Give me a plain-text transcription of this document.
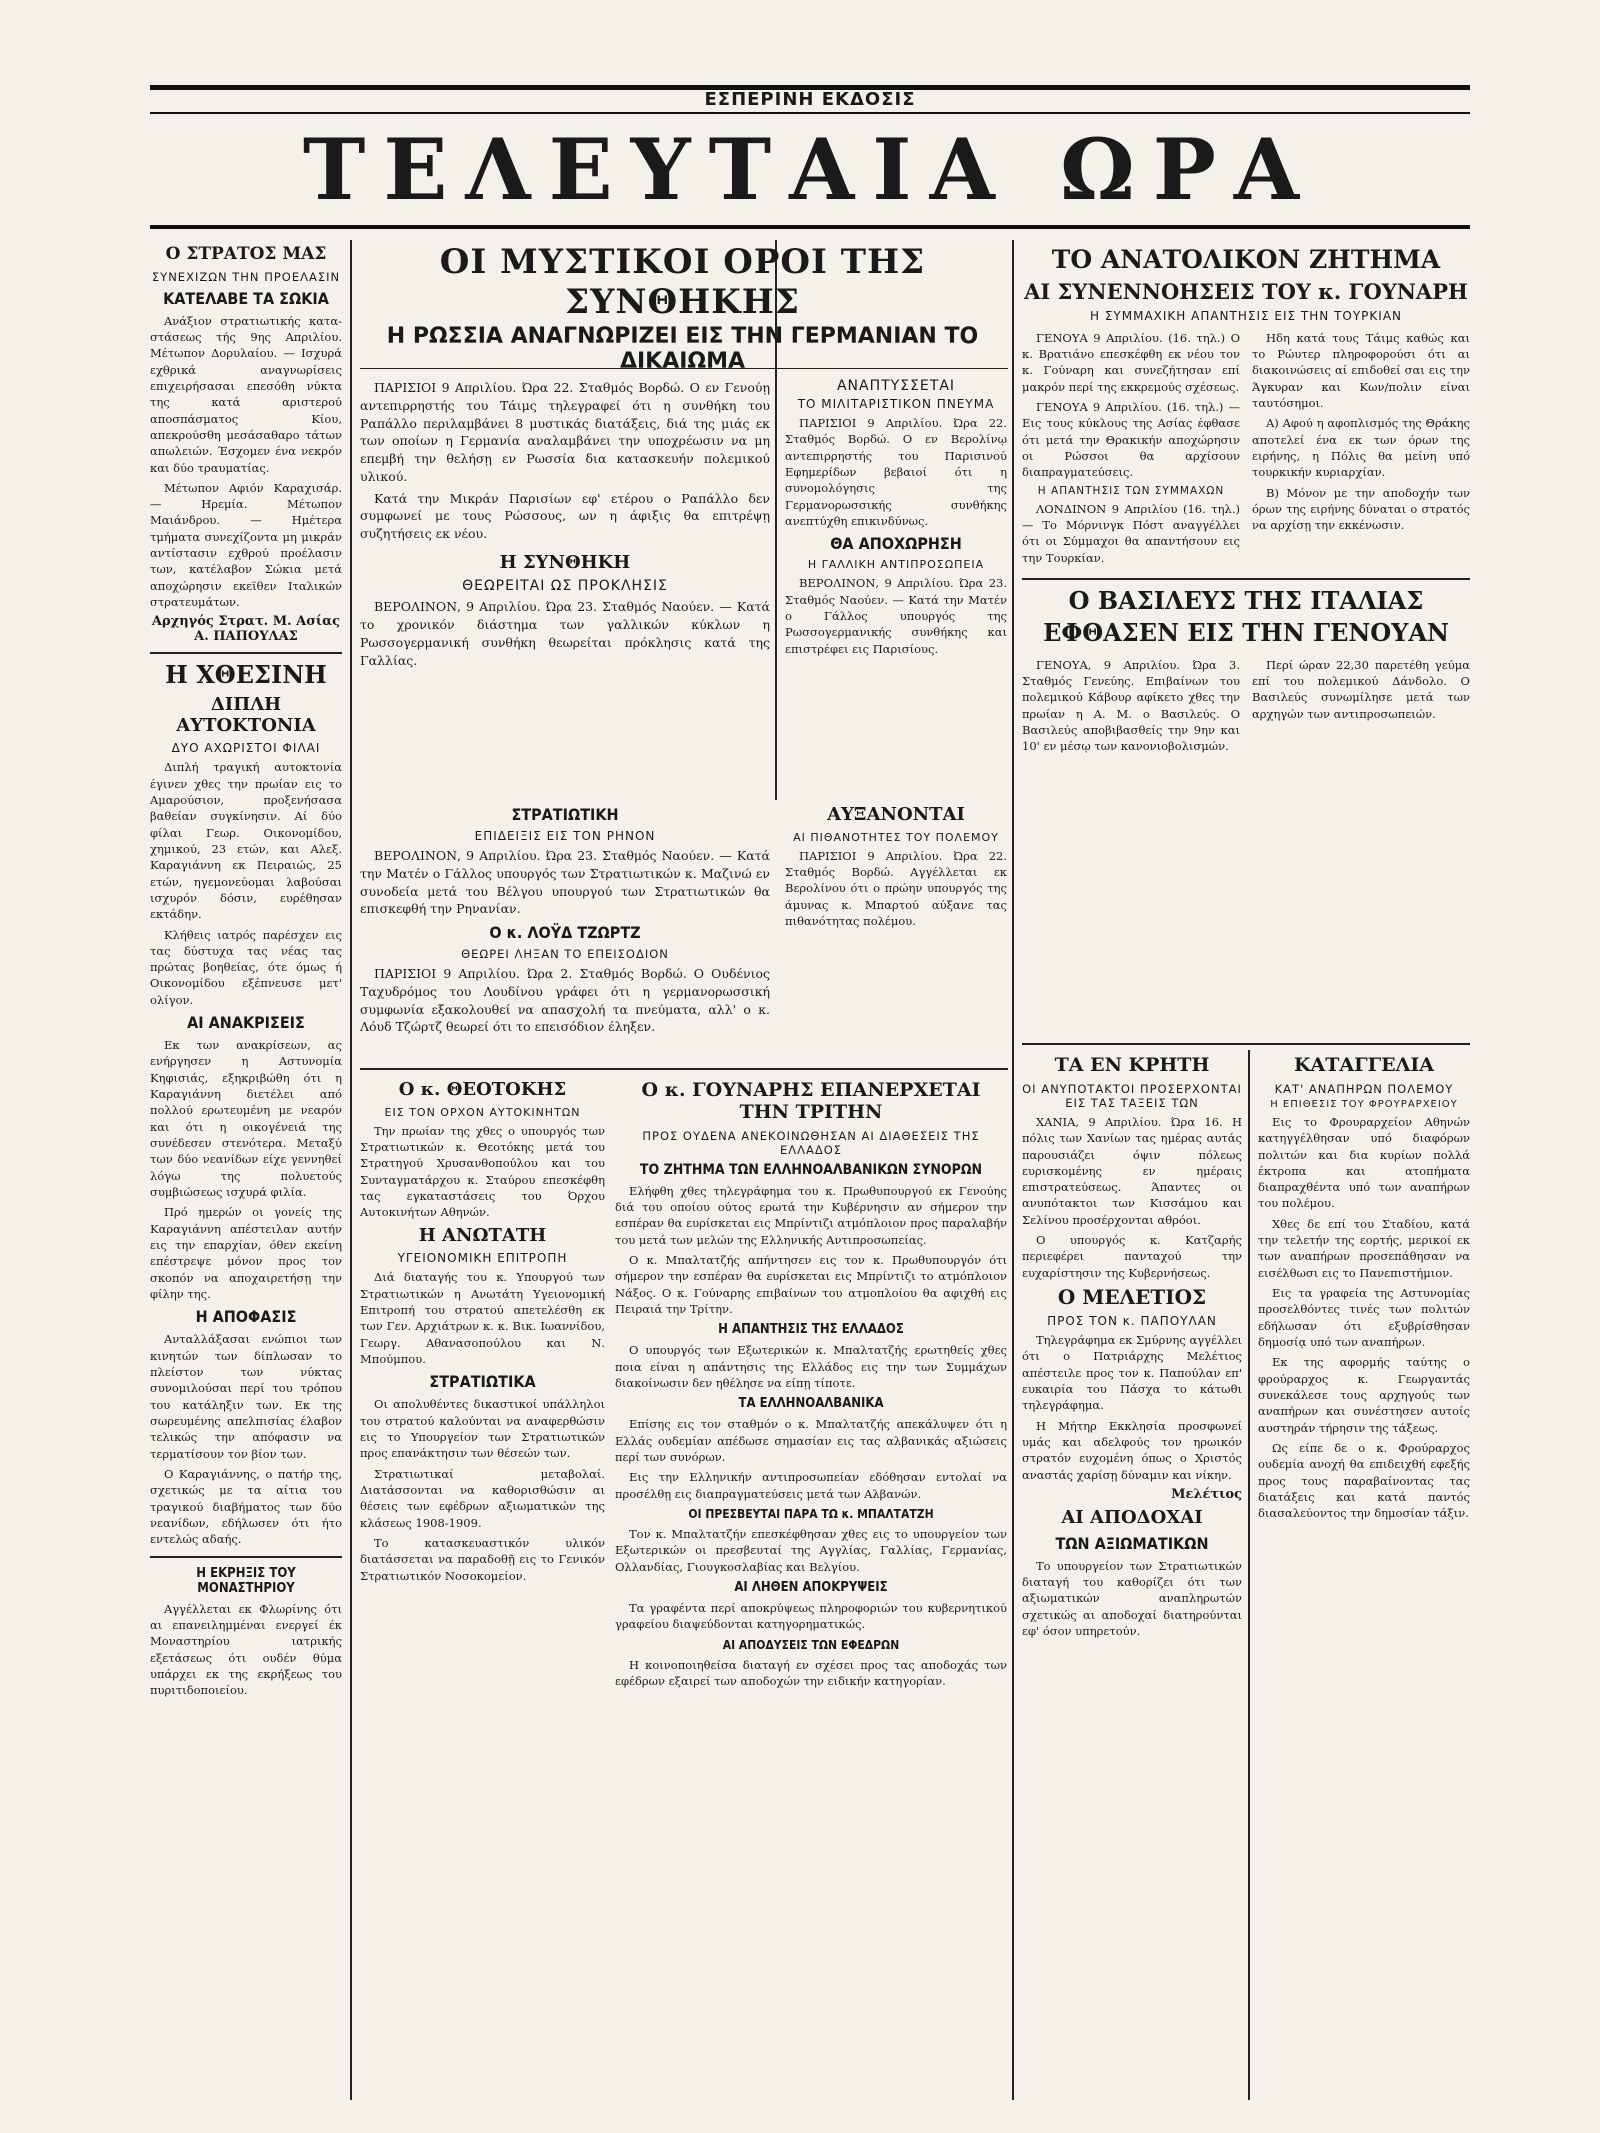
ΕΣΠΕΡΙΝΗ ΕΚΔΟΣΙΣ
ΤΕΛΕΥΤΑΙΑ ΩΡΑ
Ο ΣΤΡΑΤΟΣ ΜΑΣ
ΣΥΝΕΧΙΖΩΝ ΤΗΝ ΠΡΟΕΛΑΣΙΝ
ΚΑΤΕΛΑΒΕ ΤΑ ΣΩΚΙΑ
Ανάξιον στρατιωτικής καταστάσεως τής 9ης Απριλίου. Μέτωπον Δορυλαίου. — Ισχυρά εχθρικά αναγνωρίσεις επιχειρήσασαι επεσόθη νύκτα της κατά αριστερού αποσπάσματος Κίου, απεκρούσθη μεσάσαθαρο τάτων απωλειών. Έσχομεν ένα νεκρόν και δύο τραυματίας.
Μέτωπον Αφιόν Καραχισάρ. — Ηρεμία. Μέτωπον Μαιάνδρου. — Ημέτερα τμήματα συνεχίζοντα μη μικράν αντίστασιν εχθρού προέλασιν των, κατέλαβον Σώκια μετά αποχώρησιν εκεϊθεν Ιταλικών στρατευμάτων.
Αρχηγός Στρατ. Μ. Ασίας Α. ΠΑΠΟΥΛΑΣ
Η ΧΘΕΣΙΝΗ
ΔΙΠΛΗ ΑΥΤΟΚΤΟΝΙΑ
ΔΥΟ ΑΧΩΡΙΣΤΟΙ ΦΙΛΑΙ
Διπλή τραγική αυτοκτονία έγινεν χθες την πρωίαν εις το Αμαρούσιον, προξενήσασα βαθείαν συγκίνησιν. Αί δύο φίλαι Γεωρ. Οικονομίδου, χημικού, 23 ετών, και Αλεξ. Καραγιάννη εκ Πειραιώς, 25 ετών, ηγεμονεύομαι λαβούσαι ισχυρόν δόσιν, ευρέθησαν εκτάδην.
Κλήθεις ιατρός παρέσχεν εις τας δύστυχα τας νέας τας πρώτας βοηθείας, ότε όμως ή Οικονομίδου εξέπνευσε μετ' ολίγον.
ΑΙ ΑΝΑΚΡΙΣΕΙΣ
Εκ των ανακρίσεων, ας ενήργησεν η Αστυνομία Κηφισιάς, εξηκριβώθη ότι η Καραγιάννη διετέλει από πολλού ερωτευμένη με νεαρόν και ότι η οικογένειά της συνέδεσεν στενότερα. Μεταξύ των δύο νεανίδων είχε γεννηθεί λόγω της πολυετούς συμβιώσεως ισχυρά φιλία.
Πρό ημερών οι γονείς της Καραγιάννη απέστειλαν αυτήν εις την επαρχίαν, όθεν εκείνη επέστρεψε μόνον προς τον σκοπόν να αποχαιρετήσῃ την φίλην της.
Η ΑΠΟΦΑΣΙΣ
Ανταλλάξασαι ενώπιοι των κινητών των δίπλωσαν το πλείστον των νύκτας συνομιλούσαι περί του τρόπου του κατάληξιν των. Εκ της σωρευμένης απελπισίας έλαβον τελικώς την απόφασιν να τερματίσουν τον βίον των.
Ο Καραγιάννης, ο πατήρ της, σχετικώς με τα αίτια του τραγικού διαβήματος των δύο νεανίδων, εδήλωσεν ότι ήτο εντελώς αδαής.
Η ΕΚΡΗΞΙΣ ΤΟΥ ΜΟΝΑΣΤΗΡΙΟΥ
Αγγέλλεται εκ Φλωρίνης ότι αι επανειλημμέναι ενεργεί έκ Μοναστηρίου ιατρικής εξετάσεως ότι ουδέν θύμα υπάρχει εκ της εκρήξεως του πυριτιδοποιείου.
ΟΙ ΜΥΣΤΙΚΟΙ ΟΡΟΙ ΤΗΣ ΣΥΝΘΗΚΗΣ
Η ΡΩΣΣΙΑ ΑΝΑΓΝΩΡΙΖΕΙ ΕΙΣ ΤΗΝ ΓΕΡΜΑΝΙΑΝ ΤΟ ΔΙΚΑΙΩΜΑ
ΠΑΡΙΣΙΟΙ 9 Απριλίου. Ώρα 22. Σταθμός Βορδώ. Ο εν Γενούῃ αντεπιρρηστής του Τάιμς τηλεγραφεί ότι η συνθήκη του Ραπάλλο περιλαμβάνει 8 μυστικάς διατάξεις, διά της μιάς εκ των οποίων η Γερμανία αναλαμβάνει την υποχρέωσιν να μη επεμβή την θελήσῃ εν Ρωσσία δια κατασκευήν πολεμικού υλικού.
Κατά την Μικράν Παρισίων εφ' ετέρου ο Ραπάλλο δεν συμφωνεί με τους Ρώσσους, ων η άφιξις θα επιτρέψῃ συζητήσεις εκ νέου.
Η ΣΥΝΘΗΚΗ
ΘΕΩΡΕΙΤΑΙ ΩΣ ΠΡΟΚΛΗΣΙΣ
ΒΕΡΟΛΙΝΟΝ, 9 Απριλίου. Ώρα 23. Σταθμός Ναούεν. — Κατά το χρονικόν διάστημα των γαλλικών κύκλων η Ρωσσογερμανική συνθήκη θεωρείται πρόκλησις κατά της Γαλλίας.
ΑΝΑΠΤΥΣΣΕΤΑΙ
ΤΟ ΜΙΛΙΤΑΡΙΣΤΙΚΟΝ ΠΝΕΥΜΑ
ΠΑΡΙΣΙΟΙ 9 Απριλίου. Ώρα 22. Σταθμός Βορδώ. Ο εν Βερολίνῳ αντεπιρρηστής του Παρισινού Εφημερίδων βεβαιοί ότι η συνομολόγησις της Γερμανορωσσικής συνθήκης ανεπτύχθη επικινδύνως.
ΘΑ ΑΠΟΧΩΡΗΣΗ
Η ΓΑΛΛΙΚΗ ΑΝΤΙΠΡΟΣΩΠΕΙΑ
ΒΕΡΟΛΙΝΟΝ, 9 Απριλίου. Ώρα 23. Σταθμός Ναούεν. — Κατά την Ματέν ο Γάλλος υπουργός της Ρωσσογερμανικής συνθήκης και επιστρέφει εις Παρισίους.
ΣΤΡΑΤΙΩΤΙΚΗ
ΕΠΙΔΕΙΞΙΣ ΕΙΣ ΤΟΝ ΡΗΝΟΝ
ΒΕΡΟΛΙΝΟΝ, 9 Απριλίου. Ώρα 23. Σταθμός Ναούεν. — Κατά την Ματέν ο Γάλλος υπουργός των Στρατιωτικών κ. Μαζινώ εν συνοδεία μετά του Βέλγου υπουργού των Στρατιωτικών θα επισκεφθή την Ρηνανίαν.
Ο κ. ΛΟΫΔ ΤΖΩΡΤΖ
ΘΕΩΡΕΙ ΛΗΞΑΝ ΤΟ ΕΠΕΙΣΟΔΙΟΝ
ΠΑΡΙΣΙΟΙ 9 Απριλίου. Ώρα 2. Σταθμός Βορδώ. Ο Ουδένιος Ταχυδρόμος του Λουδίνου γράφει ότι η γερμανορωσσική συμφωνία εξακολουθεί να απασχολή τα πνεύματα, αλλ' ο κ. Λόυδ Τζώρτζ θεωρεί ότι το επεισόδιον έληξεν.
ΑΥΞΑΝΟΝΤΑΙ
ΑΙ ΠΙΘΑΝΟΤΗΤΕΣ ΤΟΥ ΠΟΛΕΜΟΥ
ΠΑΡΙΣΙΟΙ 9 Απριλίου. Ώρα 22. Σταθμός Βορδώ. Αγγέλλεται εκ Βερολίνου ότι ο πρώην υπουργός της άμυνας κ. Μπαρτού αύξανε τας πιθανότητας πολέμου.
Ο κ. ΘΕΟΤΟΚΗΣ
ΕΙΣ ΤΟΝ ΟΡΧΟΝ ΑΥΤΟΚΙΝΗΤΩΝ
Την πρωίαν της χθες ο υπουργός των Στρατιωτικών κ. Θεοτόκης μετά του Στρατηγού Χρυσανθοπούλου και του Συνταγματάρχου κ. Σταύρου επεσκέφθη τας εγκαταστάσεις του Όρχου Αυτοκινήτων Αθηνών.
Η ΑΝΩΤΑΤΗ
ΥΓΕΙΟΝΟΜΙΚΗ ΕΠΙΤΡΟΠΗ
Διά διαταγής του κ. Υπουργού των Στρατιωτικών η Ανωτάτη Υγειονομική Επιτροπή του στρατού απετελέσθη εκ των Γεν. Αρχιάτρων κ. κ. Βικ. Ιωαννίδου, Γεωργ. Αθανασοπούλου και Ν. Μπούμπου.
ΣΤΡΑΤΙΩΤΙΚΑ
Οι απολυθέντες δικαστικοί υπάλληλοι του στρατού καλούνται να αναφερθώσιν εις το Υπουργείον των Στρατιωτικών προς επανάκτησιν των θέσεών των.
Στρατιωτικαί μεταβολαί. Διατάσσονται να καθορισθώσιν αι θέσεις των εφέδρων αξιωματικών της κλάσεως 1908-1909.
Το κατασκευαστικόν υλικόν διατάσσεται να παραδοθῇ εις το Γενικόν Στρατιωτικόν Νοσοκομείον.
Ο κ. ΓΟΥΝΑΡΗΣ ΕΠΑΝΕΡΧΕΤΑΙ ΤΗΝ ΤΡΙΤΗΝ
ΠΡΟΣ ΟΥΔΕΝΑ ΑΝΕΚΟΙΝΩΘΗΣΑΝ ΑΙ ΔΙΑΘΕΣΕΙΣ ΤΗΣ ΕΛΛΑΔΟΣ
ΤΟ ΖΗΤΗΜΑ ΤΩΝ ΕΛΛΗΝΟΑΛΒΑΝΙΚΩΝ ΣΥΝΟΡΩΝ
Ελήφθη χθες τηλεγράφημα του κ. Πρωθυπουργού εκ Γενούης διά του οποίου ούτος ερωτά την Κυβέρνησιν αν σήμερον την εσπέραν θα ευρίσκεται εις Μπρίντιζι ατμόπλοιον προς παραλαβήν του μετά των μελών της Ελληνικής Αντιπροσωπείας.
Ο κ. Μπαλτατζής απήντησεν εις τον κ. Πρωθυπουργόν ότι σήμερον την εσπέραν θα ευρίσκεται εις Μπρίντιζι το ατμόπλοιον Νάξος. Ο κ. Γούναρης επιβαίνων του ατμοπλοίου θα αφιχθή εις Πειραιά την Τρίτην.
Η ΑΠΑΝΤΗΣΙΣ ΤΗΣ ΕΛΛΑΔΟΣ
Ο υπουργός των Εξωτερικών κ. Μπαλτατζής ερωτηθείς χθες ποια είναι η απάντησις της Ελλάδος εις την των Συμμάχων διακοίνωσιν δεν ηθέλησε να είπῃ τίποτε.
ΤΑ ΕΛΛΗΝΟΑΛΒΑΝΙΚΑ
Επίσης εις τον σταθμόν ο κ. Μπαλτατζής απεκάλυψεν ότι η Ελλάς ουδεμίαν απέδωσε σημασίαν εις τας αλβανικάς αξιώσεις περί των συνόρων.
Εις την Ελληνικήν αντιπροσωπείαν εδόθησαν εντολαί να προσέλθῃ εις διαπραγματεύσεις μετά των Αλβανών.
ΟΙ ΠΡΕΣΒΕΥΤΑΙ ΠΑΡΑ ΤΩ κ. ΜΠΑΛΤΑΤΖΗ
Τον κ. Μπαλτατζήν επεσκέφθησαν χθες εις το υπουργείον των Εξωτερικών οι πρεσβευταί της Αγγλίας, Γαλλίας, Γερμανίας, Ολλανδίας, Γιουγκοσλαβίας και Βελγίου.
ΑΙ ΛΗΘΕΝ ΑΠΟΚΡΥΨΕΙΣ
Τα γραφέντα περί αποκρύψεως πληροφοριών του κυβερνητικού γραφείου διαψεύδονται κατηγορηματικώς.
ΑΙ ΑΠΟΔΥΣΕΙΣ ΤΩΝ ΕΦΕΔΡΩΝ
Η κοινοποιηθείσα διαταγή εν σχέσει προς τας αποδοχάς των εφέδρων εξαιρεί των αποδοχών την ειδικήν κατηγορίαν.
ΤΟ ΑΝΑΤΟΛΙΚΟΝ ΖΗΤΗΜΑ
ΑΙ ΣΥΝΕΝΝΟΗΣΕΙΣ ΤΟΥ κ. ΓΟΥΝΑΡΗ
Η ΣΥΜΜΑΧΙΚΗ ΑΠΑΝΤΗΣΙΣ ΕΙΣ ΤΗΝ ΤΟΥΡΚΙΑΝ
ΓΕΝΟΥΑ 9 Απριλίου. (16. τηλ.) Ο κ. Βρατιάνο επεσκέφθη εκ νέου τον κ. Γούναρη και συνεζήτησαν επί μακρόν περί της εκκρεμούς σχέσεως.
ΓΕΝΟΥΑ 9 Απριλίου. (16. τηλ.) — Εις τους κύκλους της Ασίας έφθασε ότι μετά την Θρακικήν αποχώρησιν οι Ρώσσοι θα αρχίσουν διαπραγματεύσεις.
Η ΑΠΑΝΤΗΣΙΣ ΤΩΝ ΣΥΜΜΑΧΩΝ
ΛΟΝΔΙΝΟΝ 9 Απριλίου (16. τηλ.) — Το Μόρνινγκ Πόστ αναγγέλλει ότι οι Σύμμαχοι θα απαντήσουν εις την Τουρκίαν.
Ηδη κατά τους Τάιμς καθώς και το Ρώυτερ πληροφορούσι ότι αι διακοινώσεις αί επιδοθεί σαι εις την Άγκυραν και Κων/πολιν είναι ταυτόσημοι.
Α) Αφού η αφοπλισμός της Θράκης αποτελεί ένα εκ των όρων της ειρήνης, η Πόλις θα μείνη υπό τουρκικήν κυριαρχίαν.
Β) Μόνον με την αποδοχήν των όρων της ειρήνης δύναται ο στρατός να αρχίσῃ την εκκένωσιν.
Ο ΒΑΣΙΛΕΥΣ ΤΗΣ ΙΤΑΛΙΑΣ
ΕΦΘΑΣΕΝ ΕΙΣ ΤΗΝ ΓΕΝΟΥΑΝ
ΓΕΝΟΥΑ, 9 Απριλίου. Ώρα 3. Σταθμός Γενεύης. Επιβαίνων του πολεμικού Κάβουρ αφίκετο χθες την πρωίαν η Α. Μ. ο Βασιλεύς. Ο Βασιλεύς αποβιβασθείς την 9ην και 10' εν μέσῳ των κανονιοβολισμών.
Περί ώραν 22,30 παρετέθη γεύμα επί του πολεμικού Δάνδολο. Ο Βασιλεύς συνωμίλησε μετά των αρχηγών των αντιπροσωπειών.
ΤΑ ΕΝ ΚΡΗΤΗ
ΟΙ ΑΝΥΠΟΤΑΚΤΟΙ ΠΡΟΣΕΡΧΟΝΤΑΙ ΕΙΣ ΤΑΣ ΤΑΞΕΙΣ ΤΩΝ
ΧΑΝΙΑ, 9 Απριλίου. Ώρα 16. Η πόλις των Χανίων τας ημέρας αυτάς παρουσιάζει όψιν πόλεως ευρισκομένης εν ημέραις επιστρατεύσεως. Άπαντες οι ανυπότακτοι των Κισσάμου και Σελίνου προσέρχονται αθρόοι.
Ο υπουργός κ. Κατζαρής περιεφέρει πανταχού την ευχαρίστησιν της Κυβερνήσεως.
Ο ΜΕΛΕΤΙΟΣ
ΠΡΟΣ ΤΟΝ κ. ΠΑΠΟΥΛΑΝ
Τηλεγράφημα εκ Σμύρνης αγγέλλει ότι ο Πατριάρχης Μελέτιος απέστειλε προς τον κ. Παπούλαν επ' ευκαιρία του Πάσχα το κάτωθι τηλεγράφημα.
Η Μήτηρ Εκκλησία προσφωνεί υμάς και αδελφούς τον ηρωικόν στρατόν ευχομένη όπως ο Χριστός αναστάς χαρίσῃ δύναμιν και νίκην.
Μελέτιος
ΑΙ ΑΠΟΔΟΧΑΙ
ΤΩΝ ΑΞΙΩΜΑΤΙΚΩΝ
Το υπουργείον των Στρατιωτικών διαταγή του καθορίζει ότι των αξιωματικών αναπληρωτών σχετικώς αι αποδοχαί διατηρούνται εφ' όσον υπηρετούν.
ΚΑΤΑΓΓΕΛΙΑ
ΚΑΤ' ΑΝΑΠΗΡΩΝ ΠΟΛΕΜΟΥ
Η ΕΠΙΘΕΣΙΣ ΤΟΥ ΦΡΟΥΡΑΡΧΕΙΟΥ
Εις το Φρουραρχείον Αθηνών κατηγγέλθησαν υπό διαφόρων πολιτών και δια κυρίων πολλά έκτροπα και ατοπήματα διαπραχθέντα υπό των αναπήρων του πολέμου.
Χθες δε επί του Σταδίου, κατά την τελετήν της εορτής, μερικοί εκ των αναπήρων προσεπάθησαν να εισέλθωσι εις το Πανεπιστήμιον.
Εις τα γραφεία της Αστυνομίας προσελθόντες τινές των πολιτών εδήλωσαν ότι εξυβρίσθησαν δημοσίᾳ υπό των αναπήρων.
Εκ της αφορμής ταύτης ο φρούραρχος κ. Γεωργαντάς συνεκάλεσε τους αρχηγούς των αναπήρων και συνέστησεν αυτοίς αυστηράν τήρησιν της τάξεως.
Ως είπε δε ο κ. Φρούραρχος ουδεμία ανοχή θα επιδειχθή εφεξής προς τους παραβαίνοντας τας διατάξεις και κατά παντός διασαλεύοντος την δημοσίαν τάξιν.
